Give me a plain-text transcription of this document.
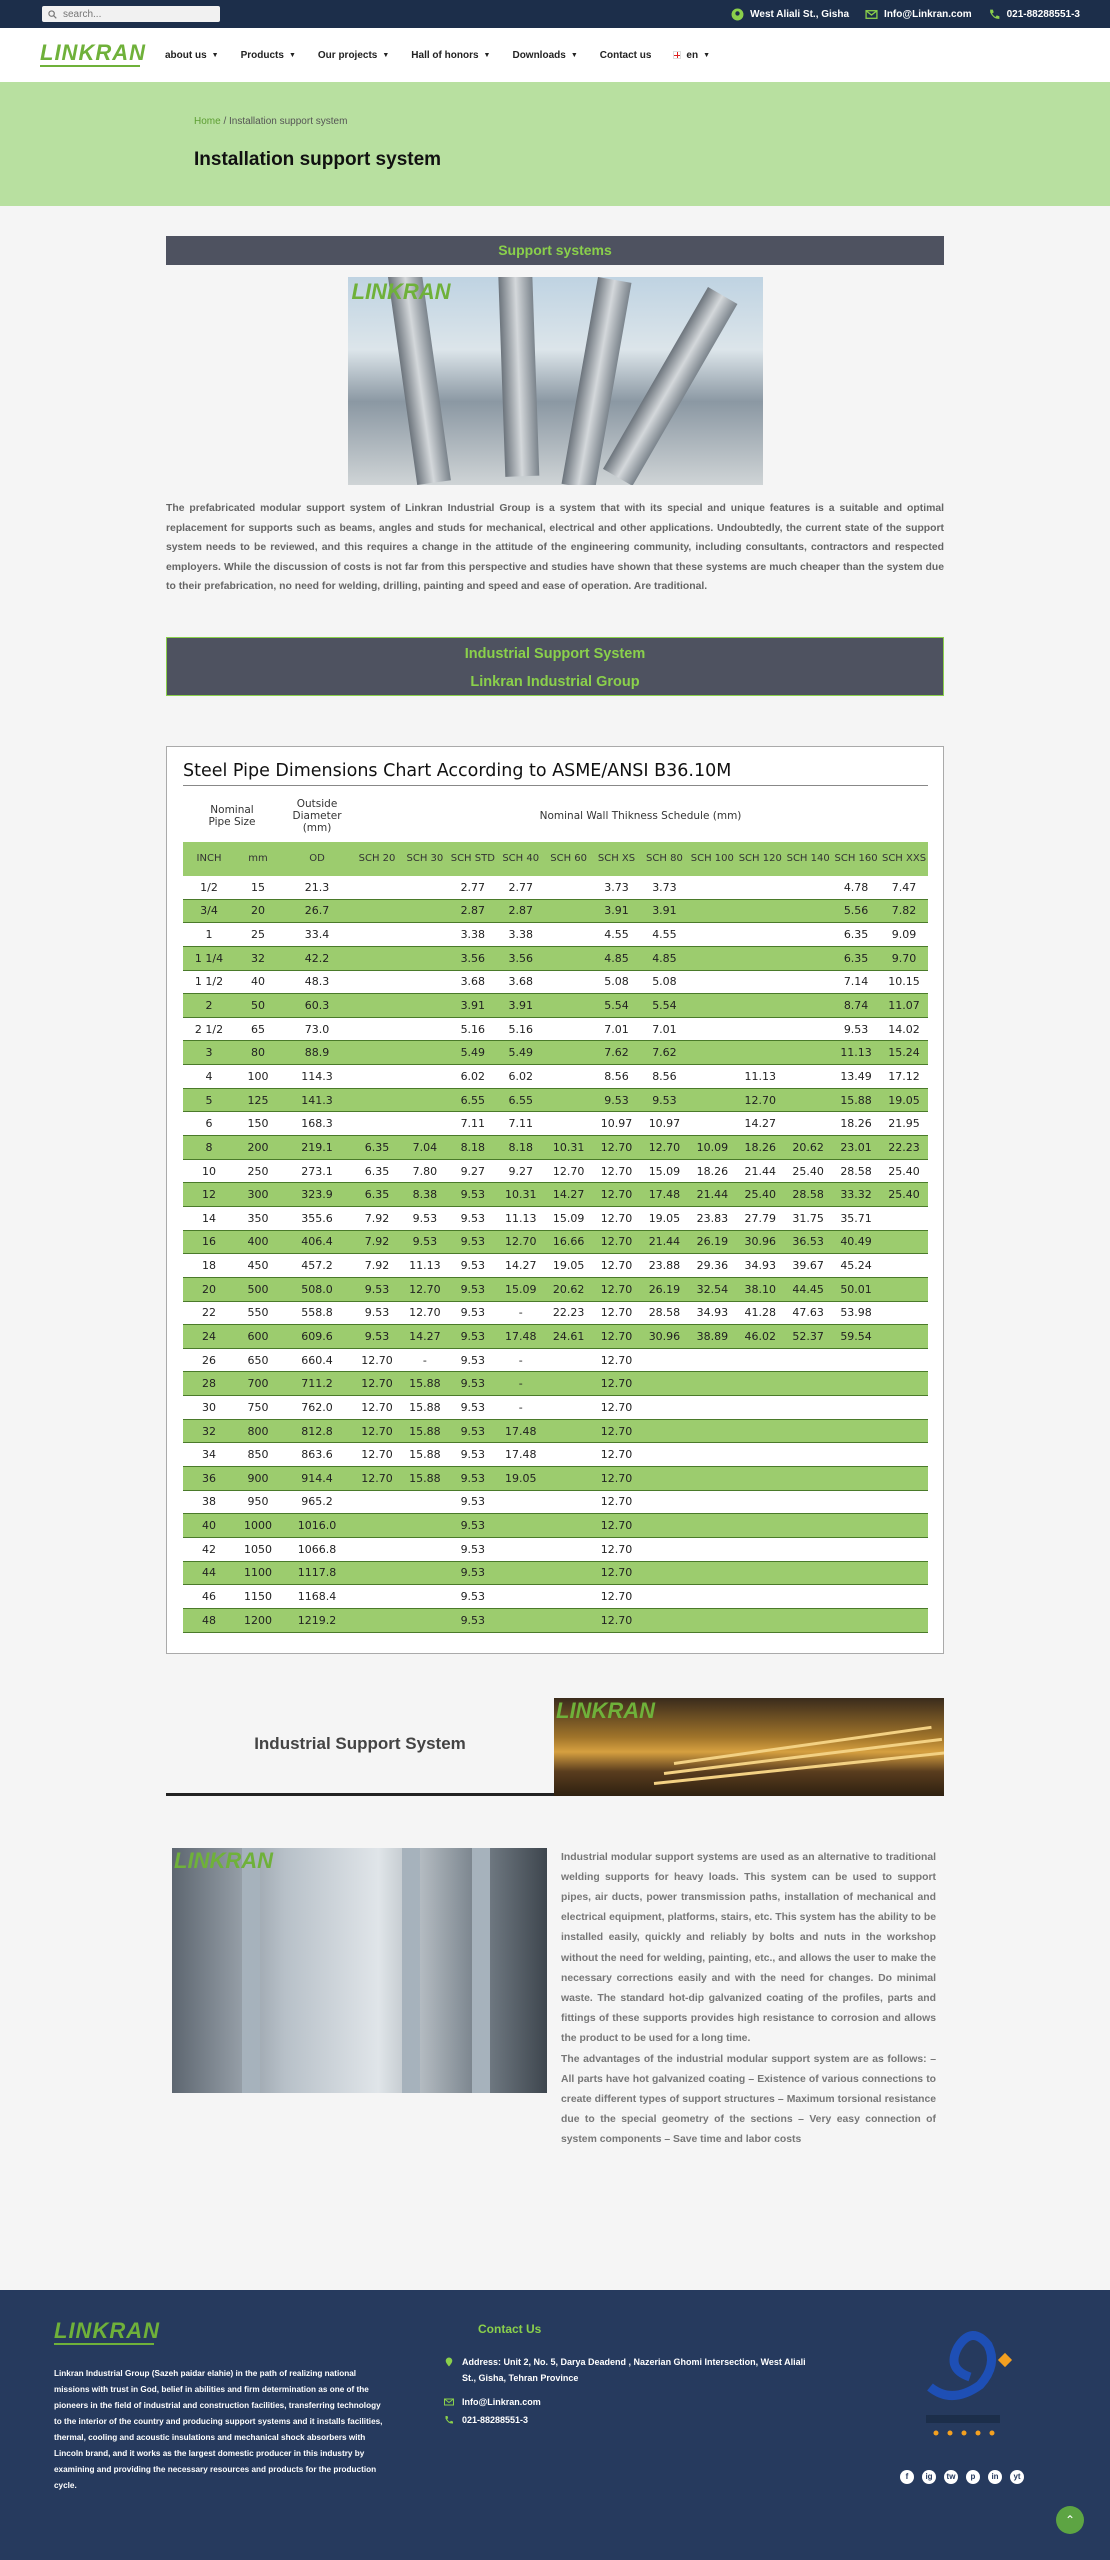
search...
West Aliali St., Gisha	Info@Linkran.com	021-88288551-3
LINKRAN about us ▼ Products ▼ Our projects ▼ Hall of honors ▼ Downloads ▼ Contact us	en ▼
Home / Installation support system
Installation support system
Support systems
LINKRAN

The prefabricated modular support system of Linkran Industrial Group is a system that with its special and unique features is a suitable and optimal replacement for supports such as beams, angles and studs for mechanical, electrical and other applications. Undoubtedly, the current state of the support system needs to be reviewed, and this requires a change in the attitude of the engineering community, including consultants, contractors and respected employers. While the discussion of costs is not far from this perspective and studies have shown that these systems are much cheaper than the system due to their prefabrication, no need for welding, drilling, painting and speed and ease of operation. Are traditional.

Industrial Support System
Linkran Industrial Group
Steel Pipe Dimensions Chart According to ASME/ANSI B36.10M
Nominal Pipe Size		Outside Diameter (mm)	Nominal Wall Thikness Schedule (mm)											
INCH	mm	OD	SCH 20	SCH 30	SCH STD	SCH 40	SCH 60	SCH XS	SCH 80	SCH 100	SCH 120	SCH 140	SCH 160	SCH XXS
1/2	15	21.3			2.77	2.77		3.73	3.73				4.78	7.47
3/4	20	26.7			2.87	2.87		3.91	3.91				5.56	7.82
1	25	33.4			3.38	3.38		4.55	4.55				6.35	9.09
1 1/4	32	42.2			3.56	3.56		4.85	4.85				6.35	9.70
1 1/2	40	48.3			3.68	3.68		5.08	5.08				7.14	10.15
2	50	60.3			3.91	3.91		5.54	5.54				8.74	11.07
2 1/2	65	73.0			5.16	5.16		7.01	7.01				9.53	14.02
3	80	88.9			5.49	5.49		7.62	7.62				11.13	15.24
4	100	114.3			6.02	6.02		8.56	8.56		11.13		13.49	17.12
5	125	141.3			6.55	6.55		9.53	9.53		12.70		15.88	19.05
6	150	168.3			7.11	7.11		10.97	10.97		14.27		18.26	21.95
8	200	219.1	6.35	7.04	8.18	8.18	10.31	12.70	12.70	10.09	18.26	20.62	23.01	22.23
10	250	273.1	6.35	7.80	9.27	9.27	12.70	12.70	15.09	18.26	21.44	25.40	28.58	25.40
12	300	323.9	6.35	8.38	9.53	10.31	14.27	12.70	17.48	21.44	25.40	28.58	33.32	25.40
14	350	355.6	7.92	9.53	9.53	11.13	15.09	12.70	19.05	23.83	27.79	31.75	35.71	
16	400	406.4	7.92	9.53	9.53	12.70	16.66	12.70	21.44	26.19	30.96	36.53	40.49	
18	450	457.2	7.92	11.13	9.53	14.27	19.05	12.70	23.88	29.36	34.93	39.67	45.24	
20	500	508.0	9.53	12.70	9.53	15.09	20.62	12.70	26.19	32.54	38.10	44.45	50.01	
22	550	558.8	9.53	12.70	9.53	-	22.23	12.70	28.58	34.93	41.28	47.63	53.98	
24	600	609.6	9.53	14.27	9.53	17.48	24.61	12.70	30.96	38.89	46.02	52.37	59.54	
26	650	660.4	12.70	-	9.53	-		12.70						
28	700	711.2	12.70	15.88	9.53	-		12.70						
30	750	762.0	12.70	15.88	9.53	-		12.70						
32	800	812.8	12.70	15.88	9.53	17.48		12.70						
34	850	863.6	12.70	15.88	9.53	17.48		12.70						
36	900	914.4	12.70	15.88	9.53	19.05		12.70						
38	950	965.2			9.53			12.70						
40	1000	1016.0			9.53			12.70						
42	1050	1066.8			9.53			12.70						
44	1100	1117.8			9.53			12.70						
46	1150	1168.4			9.53			12.70						
48	1200	1219.2			9.53			12.70						
Industrial Support System
LINKRAN
LINKRAN	Industrial modular support systems are used as an alternative to traditional welding supports for heavy loads. This system can be used to support pipes, air ducts, power transmission paths, installation of mechanical and electrical equipment, platforms, stairs, etc. This system has the ability to be installed easily, quickly and reliably by bolts and nuts in the workshop without the need for welding, painting, etc., and allows the user to make the necessary corrections easily and with the need for changes. Do minimal waste. The standard hot-dip galvanized coating of the profiles, parts and fittings of these supports provides high resistance to corrosion and allows the product to be used for a long time.

The advantages of the industrial modular support system are as follows: – All parts have hot galvanized coating – Existence of various connections to create different types of support structures – Maximum torsional resistance due to the special geometry of the sections – Very easy connection of system components – Save time and labor costs

LINKRAN

Linkran Industrial Group (Sazeh paidar elahie) in the path of realizing national missions with trust in God, belief in abilities and firm determination as one of the pioneers in the field of industrial and construction facilities, transferring technology to the interior of the country and producing support systems and it installs facilities, thermal, cooling and acoustic insulations and mechanical shock absorbers with Lincoln brand, and it works as the largest domestic producer in this industry by examining and providing the necessary resources and products for the production cycle.

Contact Us
Address: Unit 2, No. 5, Darya Deadend , Nazerian Ghomi Intersection, West Aliali St., Gisha, Tehran Province
Info@Linkran.com
021-88288551-3
f	ig	tw	p	in	yt
⌃
